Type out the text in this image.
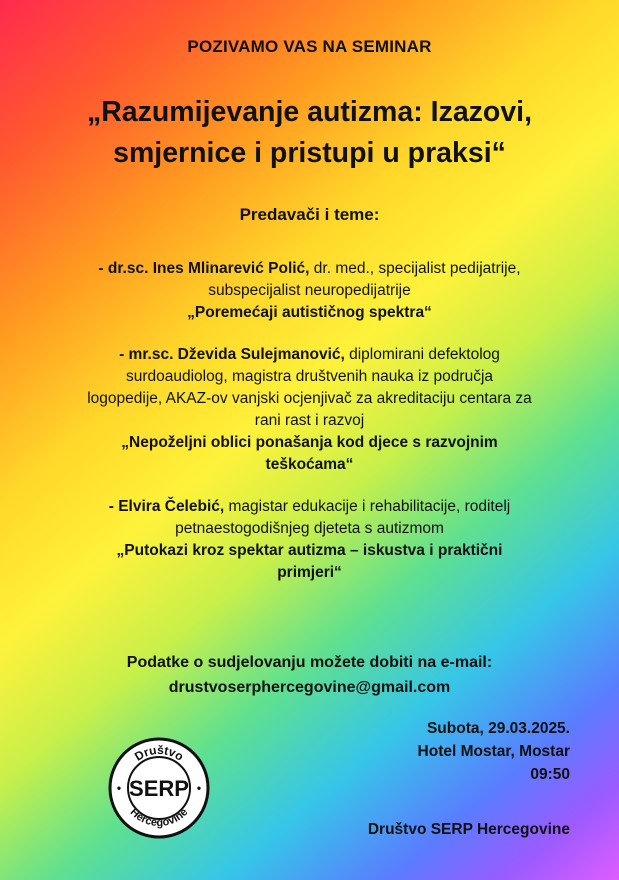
POZIVAMO VAS NA SEMINAR
„Razumijevanje autizma: Izazovi,
smjernice i pristupi u praksi“
Predavači i teme:
- dr.sc. Ines Mlinarević Polić, dr. med., specijalist pedijatrije,
subspecijalist neuropedijatrije
„Poremećaji autističnog spektra“
- mr.sc. Dževida Sulejmanović, diplomirani defektolog
surdoaudiolog, magistra društvenih nauka iz područja
logopedije, AKAZ-ov vanjski ocjenjivač za akreditaciju centara za
rani rast i razvoj
„Nepoželjni oblici ponašanja kod djece s razvojnim
teškoćama“
- Elvira Čelebić, magistar edukacije i rehabilitacije, roditelj
petnaestogodišnjeg djeteta s autizmom
„Putokazi kroz spektar autizma – iskustva i praktični
primjeri“
Podatke o sudjelovanju možete dobiti na e-mail:
drustvoserphercegovine@gmail.com
Društvo
Hercegovine
SERP
•	•
Subota, 29.03.2025.
Hotel Mostar, Mostar
09:50
Društvo SERP Hercegovine
